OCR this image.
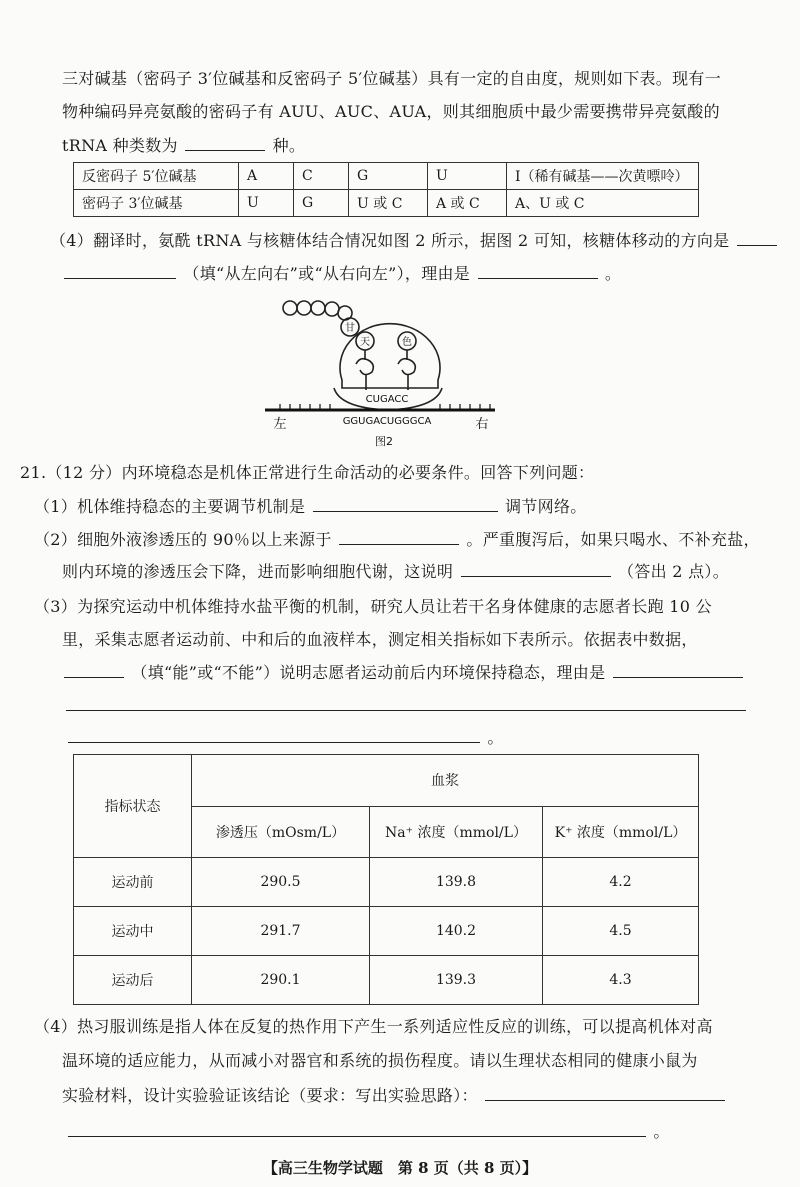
三对碱基（密码子 3′位碱基和反密码子 5′位碱基）具有一定的自由度，规则如下表。现有一
物种编码异亮氨酸的密码子有 AUU、AUC、AUA，则其细胞质中最少需要携带异亮氨酸的
tRNA 种类数为	种。
反密码子 5′位碱基	A	C	G	U	I（稀有碱基——次黄嘌呤）
密码子 3′位碱基	U	G	U 或 C	A 或 C	A、U 或 C
（4）翻译时，氨酰 tRNA 与核糖体结合情况如图 2 所示，据图 2 可知，核糖体移动的方向是
（填“从左向右”或“从右向左”），理由是	。
甘
天	色
CUGACC
GGUGACUGGGCA
左	右
图2
21.（12 分）内环境稳态是机体正常进行生命活动的必要条件。回答下列问题：
（1）机体维持稳态的主要调节机制是	调节网络。
（2）细胞外液渗透压的 90％以上来源于	。严重腹泻后，如果只喝水、不补充盐，
则内环境的渗透压会下降，进而影响细胞代谢，这说明	（答出 2 点）。
（3）为探究运动中机体维持水盐平衡的机制，研究人员让若干名身体健康的志愿者长跑 10 公
里，采集志愿者运动前、中和后的血液样本，测定相关指标如下表所示。依据表中数据，
（填“能”或“不能”）说明志愿者运动前后内环境保持稳态，理由是
。
指标状态	血浆		
	渗透压（mOsm/L）	Na⁺ 浓度（mmol/L）	K⁺ 浓度（mmol/L）
运动前	290.5	139.8	4.2
运动中	291.7	140.2	4.5
运动后	290.1	139.3	4.3
（4）热习服训练是指人体在反复的热作用下产生一系列适应性反应的训练，可以提高机体对高
温环境的适应能力，从而减小对器官和系统的损伤程度。请以生理状态相同的健康小鼠为
实验材料，设计实验验证该结论（要求：写出实验思路）：
。
【高三生物学试题　第 8 页（共 8 页）】
